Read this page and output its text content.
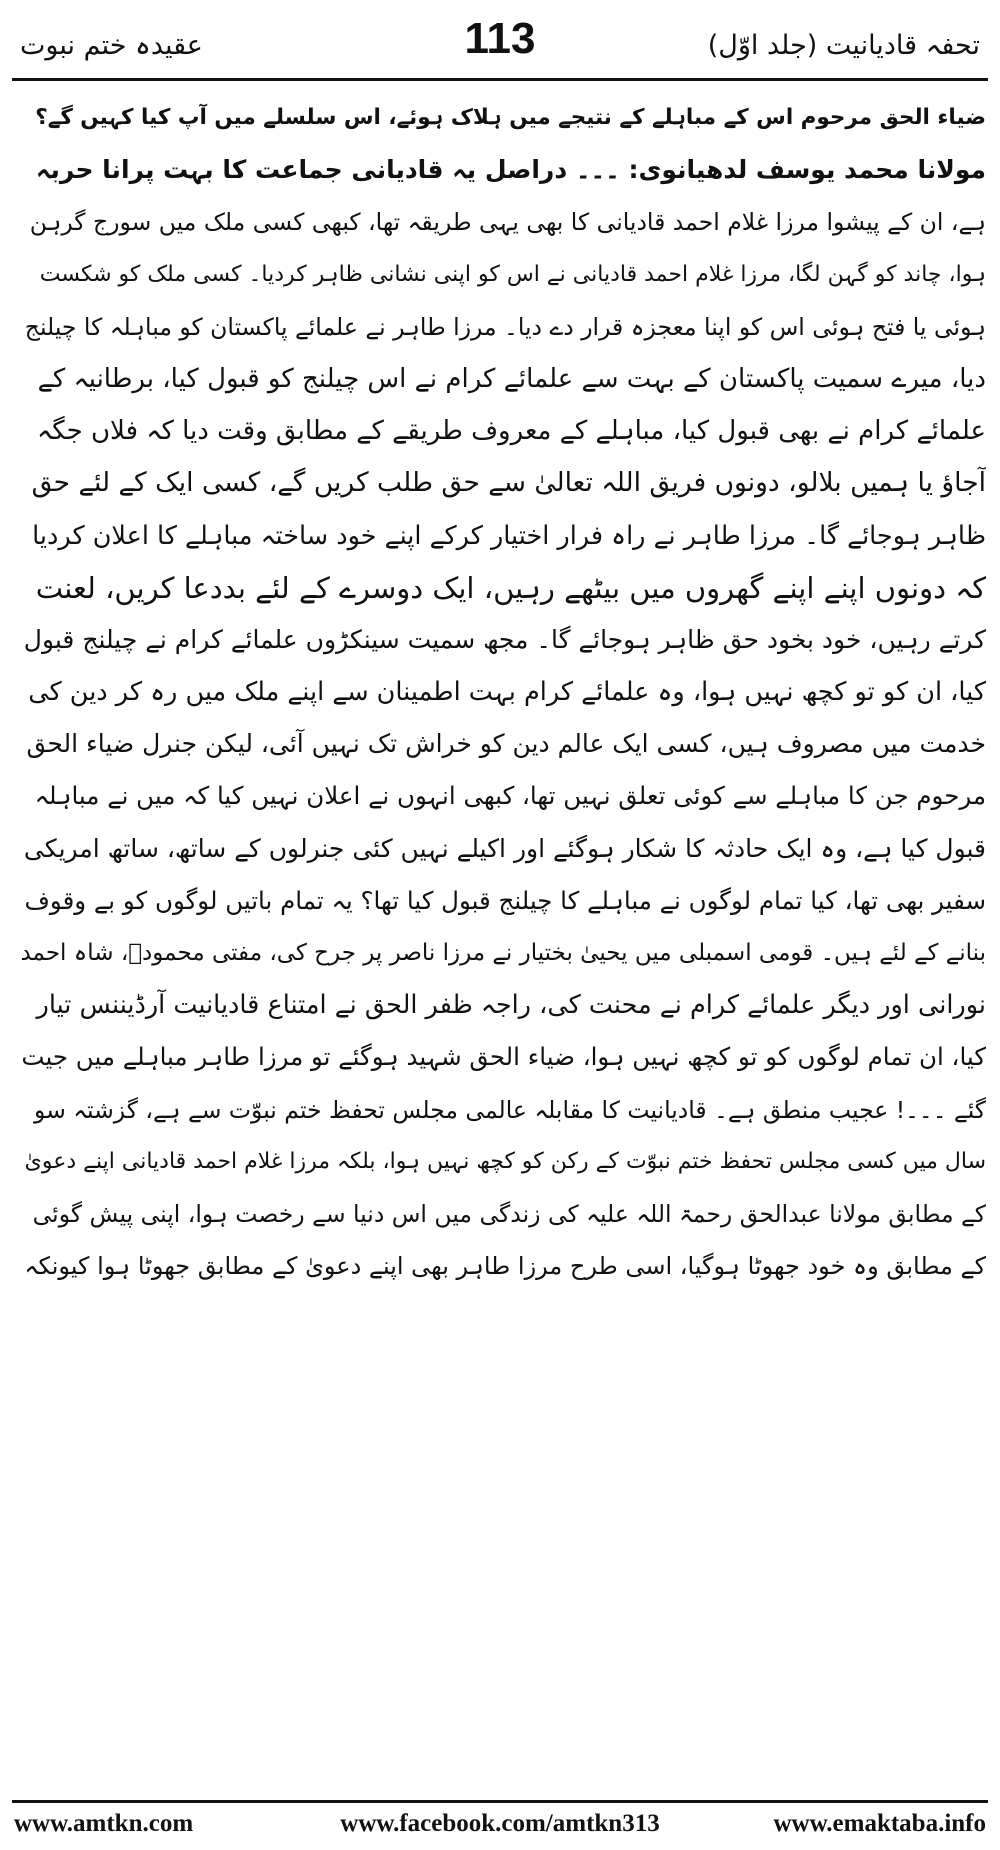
عقیدہ ختم نبوت	113	تحفہ قادیانیت (جلد اوّل)
ضیاء الحق مرحوم اس کے مباہلے کے نتیجے میں ہلاک ہوئے، اس سلسلے میں آپ کیا کہیں گے؟
مولانا محمد یوسف لدھیانوی: ۔۔۔ دراصل یہ قادیانی جماعت کا بہت پرانا حربہ
ہے، ان کے پیشوا مرزا غلام احمد قادیانی کا بھی یہی طریقہ تھا، کبھی کسی ملک میں سورج گرہن
ہوا، چاند کو گہن لگا، مرزا غلام احمد قادیانی نے اس کو اپنی نشانی ظاہر کردیا۔ کسی ملک کو شکست
ہوئی یا فتح ہوئی اس کو اپنا معجزہ قرار دے دیا۔ مرزا طاہر نے علمائے پاکستان کو مباہلہ کا چیلنج
دیا، میرے سمیت پاکستان کے بہت سے علمائے کرام نے اس چیلنج کو قبول کیا، برطانیہ کے
علمائے کرام نے بھی قبول کیا، مباہلے کے معروف طریقے کے مطابق وقت دیا کہ فلاں جگہ
آجاؤ یا ہمیں بلالو، دونوں فریق اللہ تعالیٰ سے حق طلب کریں گے، کسی ایک کے لئے حق
ظاہر ہوجائے گا۔ مرزا طاہر نے راہ فرار اختیار کرکے اپنے خود ساختہ مباہلے کا اعلان کردیا
کہ دونوں اپنے اپنے گھروں میں بیٹھے رہیں، ایک دوسرے کے لئے بددعا کریں، لعنت
کرتے رہیں، خود بخود حق ظاہر ہوجائے گا۔ مجھ سمیت سینکڑوں علمائے کرام نے چیلنج قبول
کیا، ان کو تو کچھ نہیں ہوا، وہ علمائے کرام بہت اطمینان سے اپنے ملک میں رہ کر دین کی
خدمت میں مصروف ہیں، کسی ایک عالم دین کو خراش تک نہیں آئی، لیکن جنرل ضیاء الحق
مرحوم جن کا مباہلے سے کوئی تعلق نہیں تھا، کبھی انہوں نے اعلان نہیں کیا کہ میں نے مباہلہ
قبول کیا ہے، وہ ایک حادثہ کا شکار ہوگئے اور اکیلے نہیں کئی جنرلوں کے ساتھ، ساتھ امریکی
سفیر بھی تھا، کیا تمام لوگوں نے مباہلے کا چیلنج قبول کیا تھا؟ یہ تمام باتیں لوگوں کو بے وقوف
بنانے کے لئے ہیں۔ قومی اسمبلی میں یحییٰ بختیار نے مرزا ناصر پر جرح کی، مفتی محمودؒ، شاہ احمد
نورانی اور دیگر علمائے کرام نے محنت کی، راجہ ظفر الحق نے امتناع قادیانیت آرڈیننس تیار
کیا، ان تمام لوگوں کو تو کچھ نہیں ہوا، ضیاء الحق شہید ہوگئے تو مرزا طاہر مباہلے میں جیت
گئے ۔۔۔! عجیب منطق ہے۔ قادیانیت کا مقابلہ عالمی مجلس تحفظ ختم نبوّت سے ہے، گزشتہ سو
سال میں کسی مجلس تحفظ ختم نبوّت کے رکن کو کچھ نہیں ہوا، بلکہ مرزا غلام احمد قادیانی اپنے دعویٰ
کے مطابق مولانا عبدالحق رحمۃ اللہ علیہ کی زندگی میں اس دنیا سے رخصت ہوا، اپنی پیش گوئی
کے مطابق وہ خود جھوٹا ہوگیا، اسی طرح مرزا طاہر بھی اپنے دعویٰ کے مطابق جھوٹا ہوا کیونکہ
www.amtkn.com	www.facebook.com/amtkn313	www.emaktaba.info
